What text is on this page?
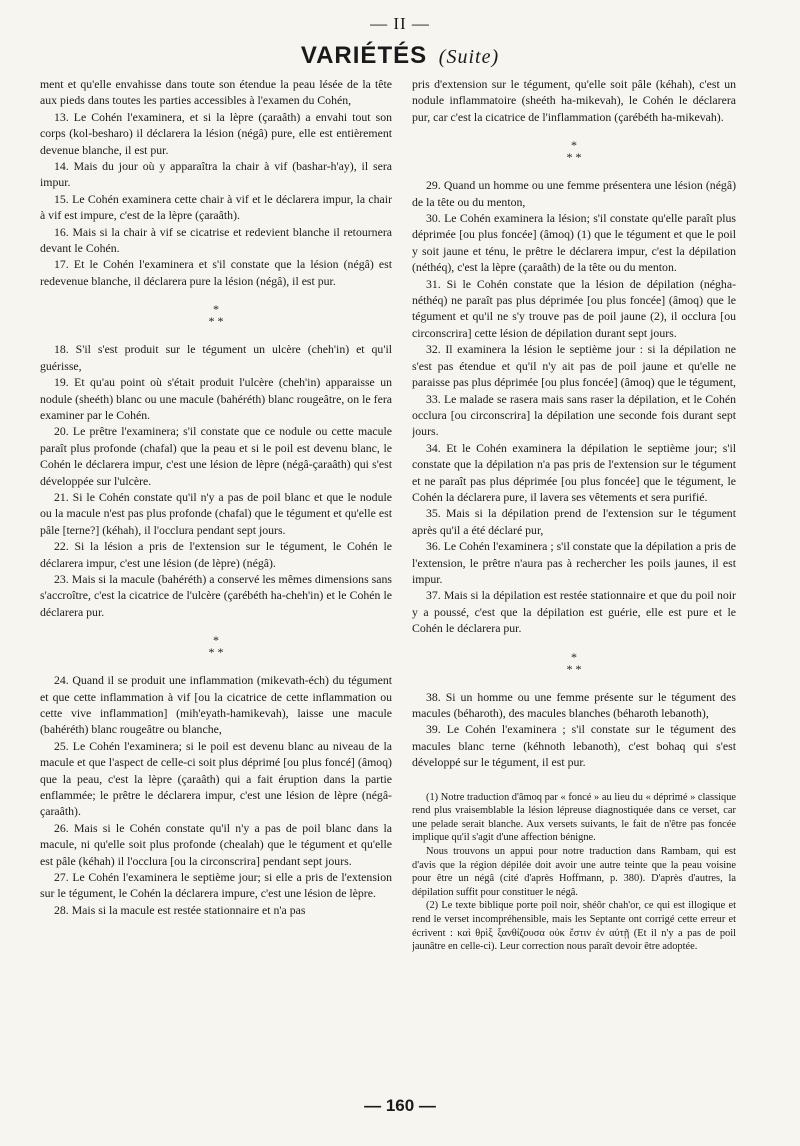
— II —
VARIÉTÉS (Suite)

ment et qu'elle envahisse dans toute son étendue la peau lésée de la tête aux pieds dans toutes les parties accessibles à l'examen du Cohén,

13. Le Cohén l'examinera, et si la lèpre (çaraâth) a envahi tout son corps (kol-besharo) il déclarera la lésion (négâ) pure, elle est entièrement devenue blanche, il est pur.

14. Mais du jour où y apparaîtra la chair à vif (bashar-h'ay), il sera impur.

15. Le Cohén examinera cette chair à vif et le déclarera impur, la chair à vif est impure, c'est de la lèpre (çaraâth).

16. Mais si la chair à vif se cicatrise et redevient blanche il retournera devant le Cohén.

17. Et le Cohén l'examinera et s'il constate que la lésion (négâ) est redevenue blanche, il déclarera pure la lésion (négâ), il est pur.

*
* *

18. S'il s'est produit sur le tégument un ulcère (cheh'in) et qu'il guérisse,

19. Et qu'au point où s'était produit l'ulcère (cheh'in) apparaisse un nodule (sheéth) blanc ou une macule (bahéréth) blanc rougeâtre, on le fera examiner par le Cohén.

20. Le prêtre l'examinera; s'il constate que ce nodule ou cette macule paraît plus profonde (chafal) que la peau et si le poil est devenu blanc, le Cohén le déclarera impur, c'est une lésion de lèpre (négâ-çaraâth) qui s'est développée sur l'ulcère.

21. Si le Cohén constate qu'il n'y a pas de poil blanc et que le nodule ou la macule n'est pas plus profonde (chafal) que le tégument et qu'elle est pâle [terne?] (kéhah), il l'occlura pendant sept jours.

22. Si la lésion a pris de l'extension sur le tégument, le Cohén le déclarera impur, c'est une lésion (de lèpre) (négâ).

23. Mais si la macule (bahéréth) a conservé les mêmes dimensions sans s'accroître, c'est la cicatrice de l'ulcère (çarébéth ha-cheh'in) et le Cohén le déclarera pur.

*
* *

24. Quand il se produit une inflammation (mikevath-éch) du tégument et que cette inflammation à vif [ou la cicatrice de cette inflammation ou cette vive inflammation] (mih'eyath-hamikevah), laisse une macule (bahéréth) blanc rougeâtre ou blanche,

25. Le Cohén l'examinera; si le poil est devenu blanc au niveau de la macule et que l'aspect de celle-ci soit plus déprimé [ou plus foncé] (âmoq) que la peau, c'est la lèpre (çaraâth) qui a fait éruption dans la partie enflammée; le prêtre le déclarera impur, c'est une lésion de lèpre (négâ-çaraâth).

26. Mais si le Cohén constate qu'il n'y a pas de poil blanc dans la macule, ni qu'elle soit plus profonde (chealah) que le tégument et qu'elle est pâle (kéhah) il l'occlura [ou la circonscrira] pendant sept jours.

27. Le Cohén l'examinera le septième jour; si elle a pris de l'extension sur le tégument, le Cohén la déclarera impure, c'est une lésion de lèpre.

28. Mais si la macule est restée stationnaire et n'a pas

pris d'extension sur le tégument, qu'elle soit pâle (kéhah), c'est un nodule inflammatoire (sheéth ha-mikevah), le Cohén le déclarera pur, car c'est la cicatrice de l'inflammation (çarébéth ha-mikevah).

*
* *

29. Quand un homme ou une femme présentera une lésion (négâ) de la tête ou du menton,

30. Le Cohén examinera la lésion; s'il constate qu'elle paraît plus déprimée [ou plus foncée] (âmoq) (1) que le tégument et que le poil y soit jaune et ténu, le prêtre le déclarera impur, c'est la dépilation (néthéq), c'est la lèpre (çaraâth) de la tête ou du menton.

31. Si le Cohén constate que la lésion de dépilation (négha-néthéq) ne paraît pas plus déprimée [ou plus foncée] (âmoq) que le tégument et qu'il ne s'y trouve pas de poil jaune (2), il occlura [ou circonscrira] cette lésion de dépilation durant sept jours.

32. Il examinera la lésion le septième jour : si la dépilation ne s'est pas étendue et qu'il n'y ait pas de poil jaune et qu'elle ne paraisse pas plus déprimée [ou plus foncée] (âmoq) que le tégument,

33. Le malade se rasera mais sans raser la dépilation, et le Cohén occlura [ou circonscrira] la dépilation une seconde fois durant sept jours.

34. Et le Cohén examinera la dépilation le septième jour; s'il constate que la dépilation n'a pas pris de l'extension sur le tégument et ne paraît pas plus déprimée [ou plus foncée] que le tégument, le Cohén la déclarera pure, il lavera ses vêtements et sera purifié.

35. Mais si la dépilation prend de l'extension sur le tégument après qu'il a été déclaré pur,

36. Le Cohén l'examinera ; s'il constate que la dépilation a pris de l'extension, le prêtre n'aura pas à rechercher les poils jaunes, il est impur.

37. Mais si la dépilation est restée stationnaire et que du poil noir y a poussé, c'est que la dépilation est guérie, elle est pure et le Cohén le déclarera pur.

*
* *

38. Si un homme ou une femme présente sur le tégument des macules (béharoth), des macules blanches (béharoth lebanoth),

39. Le Cohén l'examinera ; s'il constate sur le tégument des macules blanc terne (kéhnoth lebanoth), c'est bohaq qui s'est développé sur le tégument, il est pur.

(1) Notre traduction d'âmoq par « foncé » au lieu du « déprimé » classique rend plus vraisemblable la lésion lépreuse diagnostiquée dans ce verset, car une pelade serait blanche. Aux versets suivants, le fait de n'être pas foncée implique qu'il s'agit d'une affection bénigne.

Nous trouvons un appui pour notre traduction dans Rambam, qui est d'avis que la région dépilée doit avoir une autre teinte que la peau voisine pour être un négâ (cité d'après Hoffmann, p. 380). D'après d'autres, la dépilation suffit pour constituer le négâ.

(2) Le texte biblique porte poil noir, shéôr chah'or, ce qui est illogique et rend le verset incompréhensible, mais les Septante ont corrigé cette erreur et écrivent : καὶ θρὶξ ξανθίζουσα οὐκ ἔστιν ἐν αὐτῇ (Et il n'y a pas de poil jaunâtre en celle-ci). Leur correction nous paraît devoir être adoptée.

— 160 —
